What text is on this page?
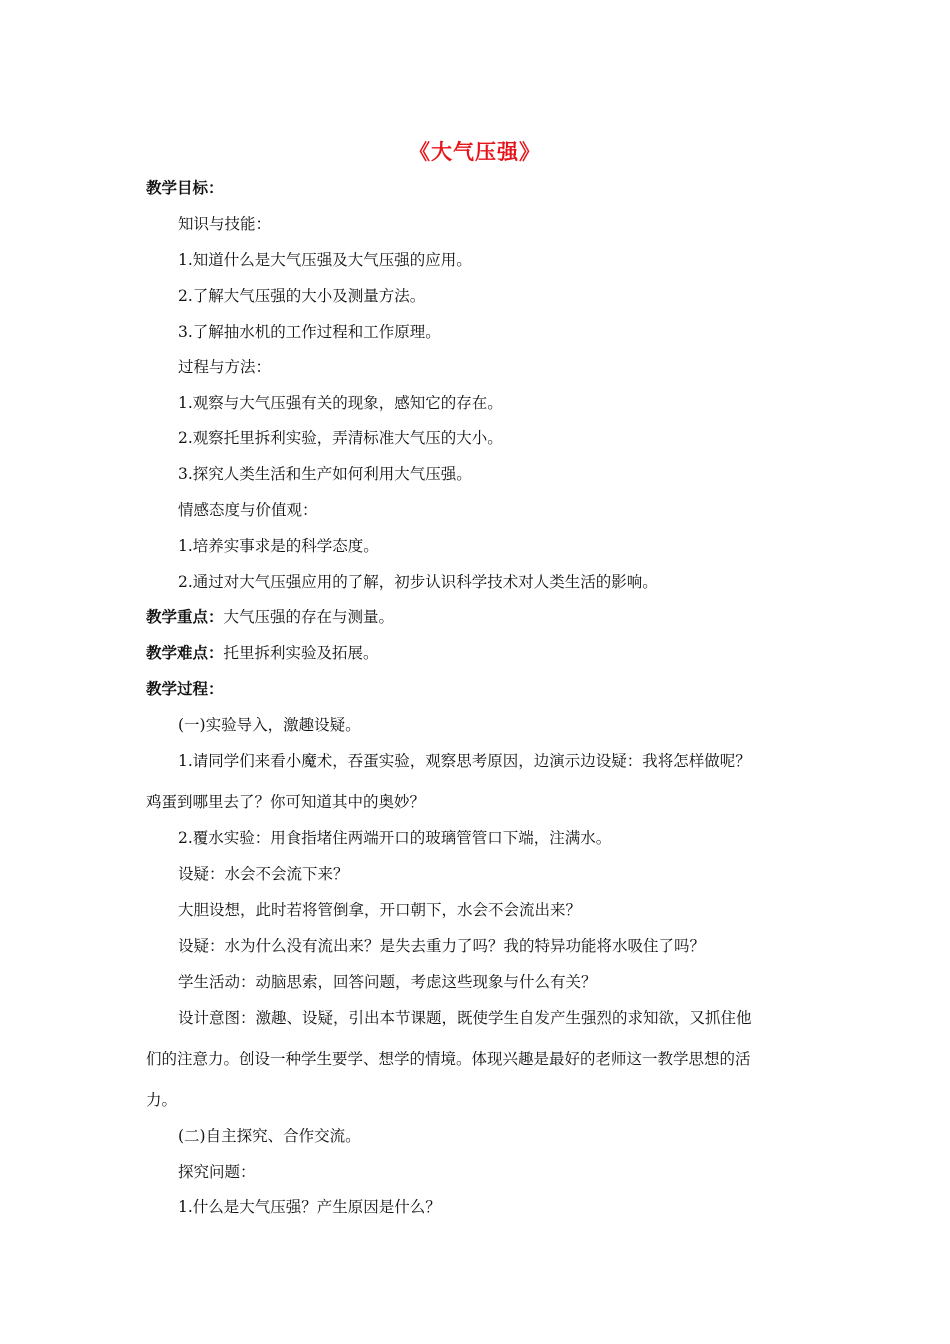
《大气压强》
教学目标：
知识与技能：
1.知道什么是大气压强及大气压强的应用。
2.了解大气压强的大小及测量方法。
3.了解抽水机的工作过程和工作原理。
过程与方法：
1.观察与大气压强有关的现象，感知它的存在。
2.观察托里拆利实验，弄清标准大气压的大小。
3.探究人类生活和生产如何利用大气压强。
情感态度与价值观：
1.培养实事求是的科学态度。
2.通过对大气压强应用的了解，初步认识科学技术对人类生活的影响。
教学重点：大气压强的存在与测量。
教学难点：托里拆利实验及拓展。
教学过程：
(一)实验导入，激趣设疑。
1.请同学们来看小魔术，吞蛋实验，观察思考原因，边演示边设疑：我将怎样做呢？
鸡蛋到哪里去了？你可知道其中的奥妙？
2.覆水实验：用食指堵住两端开口的玻璃管管口下端，注满水。
设疑：水会不会流下来？
大胆设想，此时若将管倒拿，开口朝下，水会不会流出来？
设疑：水为什么没有流出来？是失去重力了吗？我的特异功能将水吸住了吗？
学生活动：动脑思索，回答问题，考虑这些现象与什么有关？
设计意图：激趣、设疑，引出本节课题，既使学生自发产生强烈的求知欲，又抓住他
们的注意力。创设一种学生要学、想学的情境。体现兴趣是最好的老师这一教学思想的活
力。
(二)自主探究、合作交流。
探究问题：
1.什么是大气压强？产生原因是什么？
